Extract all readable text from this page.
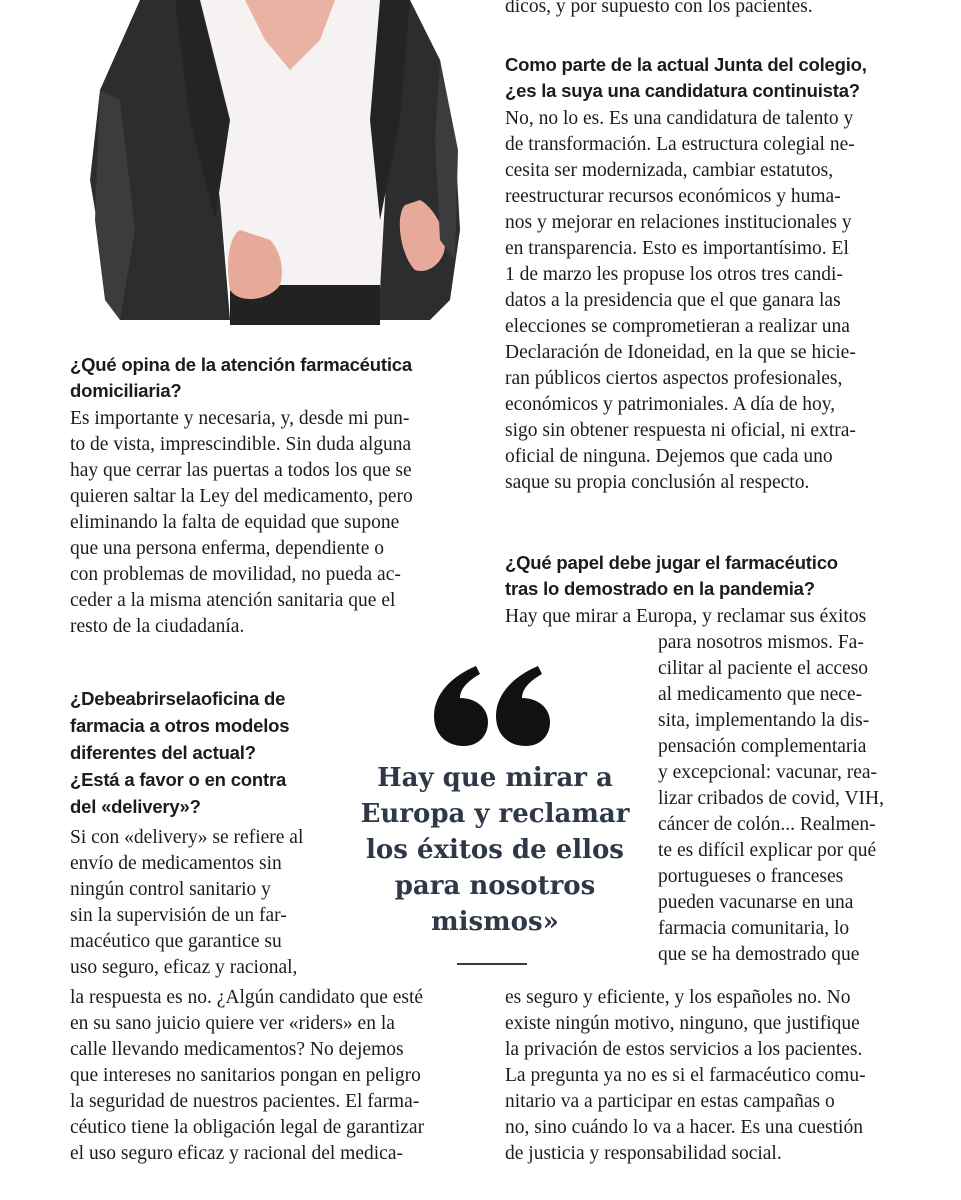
¿Qué opina de la atención farmacéutica
domiciliaria?
Es importante y necesaria, y, desde mi pun-
to de vista, imprescindible. Sin duda alguna
hay que cerrar las puertas a todos los que se
quieren saltar la Ley del medicamento, pero
eliminando la falta de equidad que supone
que una persona enferma, dependiente o
con problemas de movilidad, no pueda ac-
ceder a la misma atención sanitaria que el
resto de la ciudadanía.
¿Debeabrirselaoficina de
farmacia a otros modelos
diferentes del actual?
¿Está a favor o en contra
del «delivery»?
Si con «delivery» se refiere al
envío de medicamentos sin
ningún control sanitario y
sin la supervisión de un far-
macéutico que garantice su
uso seguro, eficaz y racional,
la respuesta es no. ¿Algún candidato que esté
en su sano juicio quiere ver «riders» en la
calle llevando medicamentos? No dejemos
que intereses no sanitarios pongan en peligro
la seguridad de nuestros pacientes. El farma-
céutico tiene la obligación legal de garantizar
el uso seguro eficaz y racional del medica-
dicos, y por supuesto con los pacientes.
Como parte de la actual Junta del colegio,
¿es la suya una candidatura continuista?
No, no lo es. Es una candidatura de talento y
de transformación. La estructura colegial ne-
cesita ser modernizada, cambiar estatutos,
reestructurar recursos económicos y huma-
nos y mejorar en relaciones institucionales y
en transparencia. Esto es importantísimo. El
1 de marzo les propuse los otros tres candi-
datos a la presidencia que el que ganara las
elecciones se comprometieran a realizar una
Declaración de Idoneidad, en la que se hicie-
ran públicos ciertos aspectos profesionales,
económicos y patrimoniales. A día de hoy,
sigo sin obtener respuesta ni oficial, ni extra-
oficial de ninguna. Dejemos que cada uno
saque su propia conclusión al respecto.
¿Qué papel debe jugar el farmacéutico
tras lo demostrado en la pandemia?
Hay que mirar a Europa, y reclamar sus éxitos
para nosotros mismos. Fa-
cilitar al paciente el acceso
al medicamento que nece-
sita, implementando la dis-
pensación complementaria
y excepcional: vacunar, rea-
lizar cribados de covid, VIH,
cáncer de colón... Realmen-
te es difícil explicar por qué
portugueses o franceses
pueden vacunarse en una
farmacia comunitaria, lo
que se ha demostrado que
es seguro y eficiente, y los españoles no. No
existe ningún motivo, ninguno, que justifique
la privación de estos servicios a los pacientes.
La pregunta ya no es si el farmacéutico comu-
nitario va a participar en estas campañas o
no, sino cuándo lo va a hacer. Es una cuestión
de justicia y responsabilidad social.
Hay que mirar a
Europa y reclamar
los éxitos de ellos
para nosotros
mismos»
